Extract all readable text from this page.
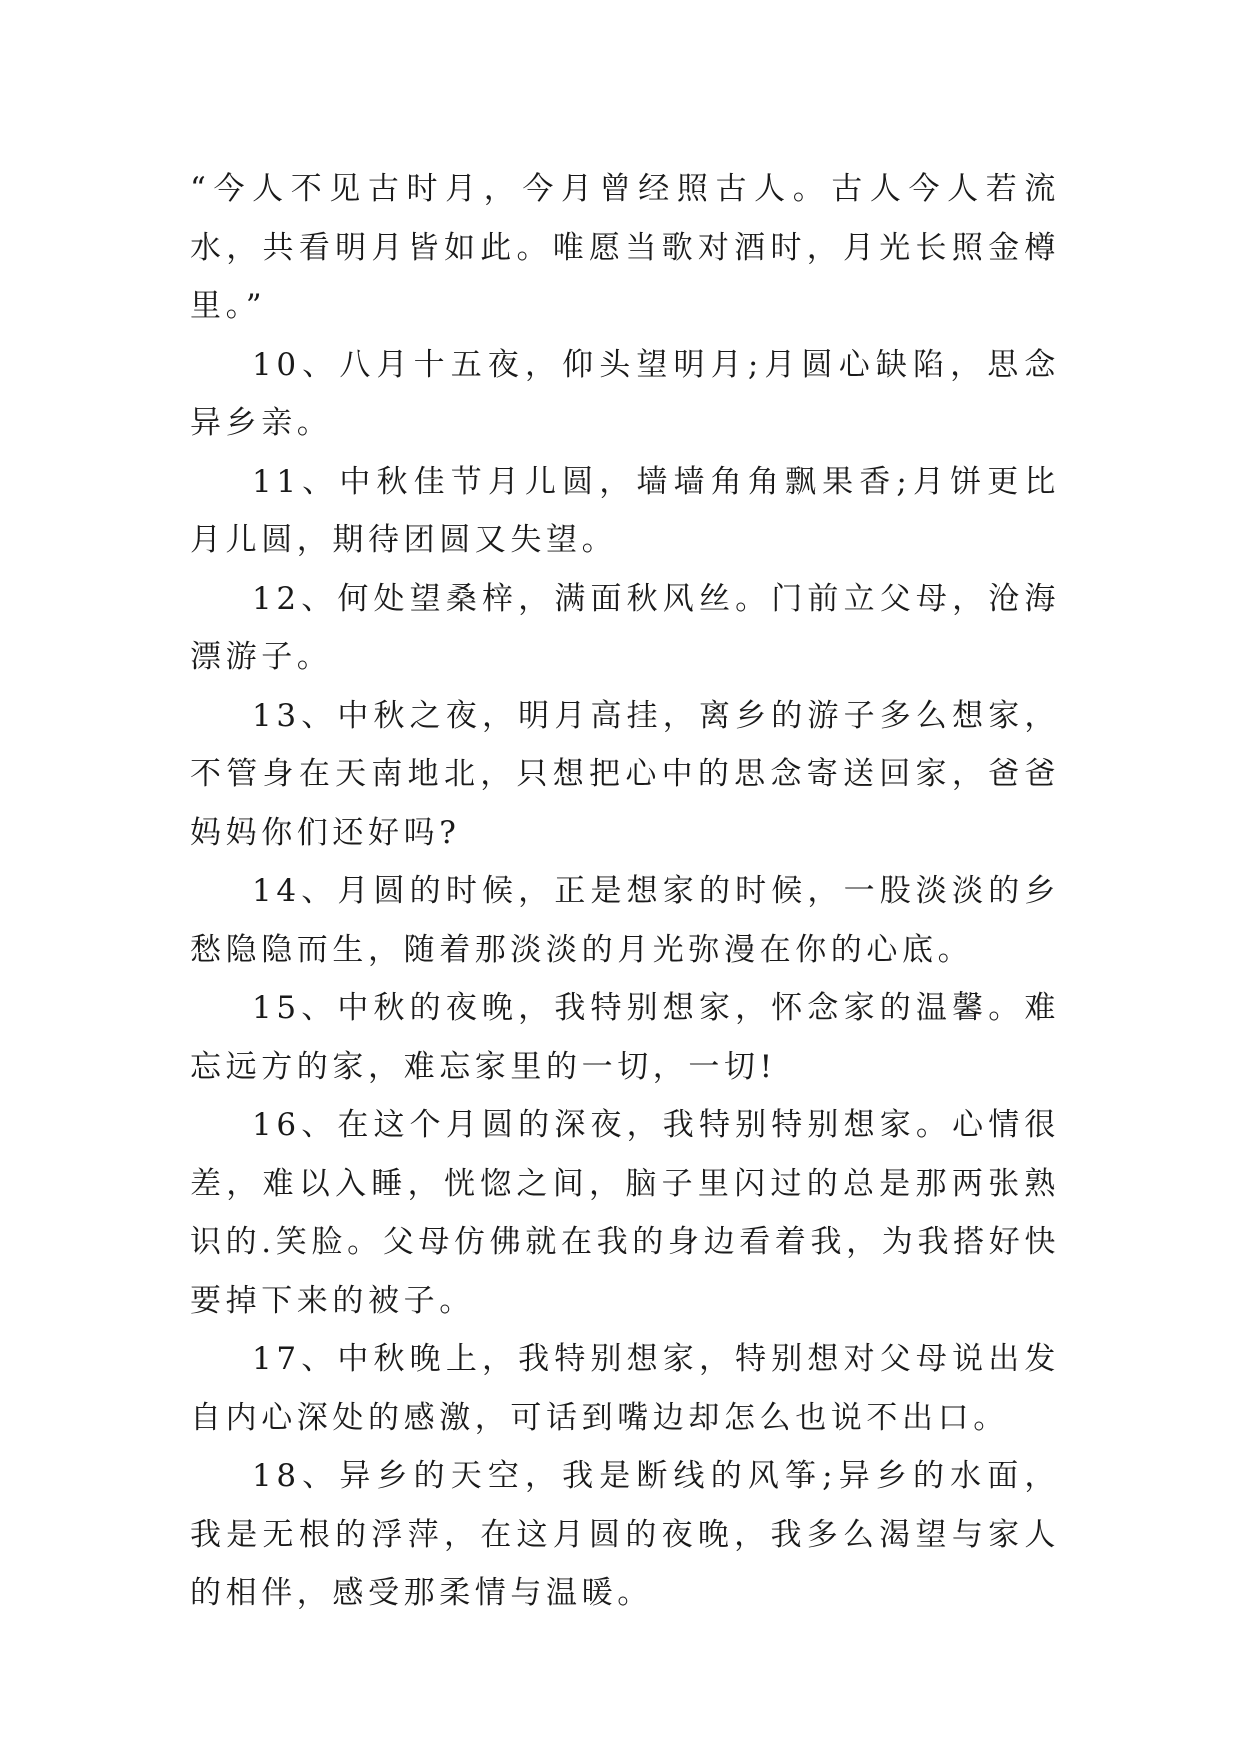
“今人不见古时月，今月曾经照古人。古人今人若流水，共看明月皆如此。唯愿当歌对酒时，月光长照金樽里。”

10、八月十五夜，仰头望明月;月圆心缺陷，思念异乡亲。

11、中秋佳节月儿圆，墙墙角角飘果香;月饼更比月儿圆，期待团圆又失望。

12、何处望桑梓，满面秋风丝。门前立父母，沧海漂游子。

13、中秋之夜，明月高挂，离乡的游子多么想家，不管身在天南地北，只想把心中的思念寄送回家，爸爸妈妈你们还好吗?

14、月圆的时候，正是想家的时候，一股淡淡的乡愁隐隐而生，随着那淡淡的月光弥漫在你的心底。

15、中秋的夜晚，我特别想家，怀念家的温馨。难忘远方的家，难忘家里的一切，一切!

16、在这个月圆的深夜，我特别特别想家。心情很差，难以入睡，恍惚之间，脑子里闪过的总是那两张熟识的.笑脸。父母仿佛就在我的身边看着我，为我搭好快要掉下来的被子。

17、中秋晚上，我特别想家，特别想对父母说出发自内心深处的感激，可话到嘴边却怎么也说不出口。

18、异乡的天空，我是断线的风筝;异乡的水面，我是无根的浮萍，在这月圆的夜晚，我多么渴望与家人的相伴，感受那柔情与温暖。
